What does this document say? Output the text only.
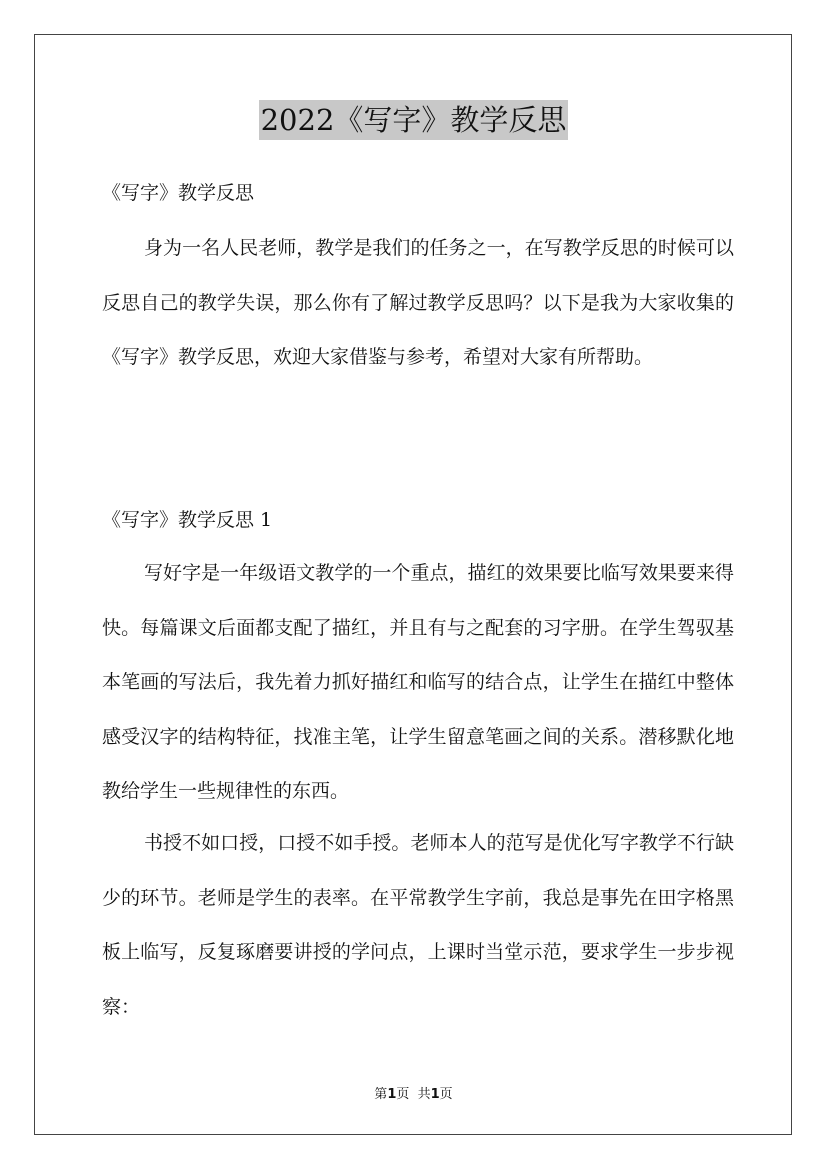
2022《写字》教学反思

《写字》教学反思

身为一名人民老师，教学是我们的任务之一，在写教学反思的时候可以反思自己的教学失误，那么你有了解过教学反思吗？以下是我为大家收集的《写字》教学反思，欢迎大家借鉴与参考，希望对大家有所帮助。

《写字》教学反思 1

写好字是一年级语文教学的一个重点，描红的效果要比临写效果要来得快。每篇课文后面都支配了描红，并且有与之配套的习字册。在学生驾驭基本笔画的写法后，我先着力抓好描红和临写的结合点，让学生在描红中整体感受汉字的结构特征，找准主笔，让学生留意笔画之间的关系。潜移默化地教给学生一些规律性的东西。

书授不如口授，口授不如手授。老师本人的范写是优化写字教学不行缺少的环节。老师是学生的表率。在平常教学生字前，我总是事先在田字格黑板上临写，反复琢磨要讲授的学问点，上课时当堂示范，要求学生一步步视察：

第1页  共1页
